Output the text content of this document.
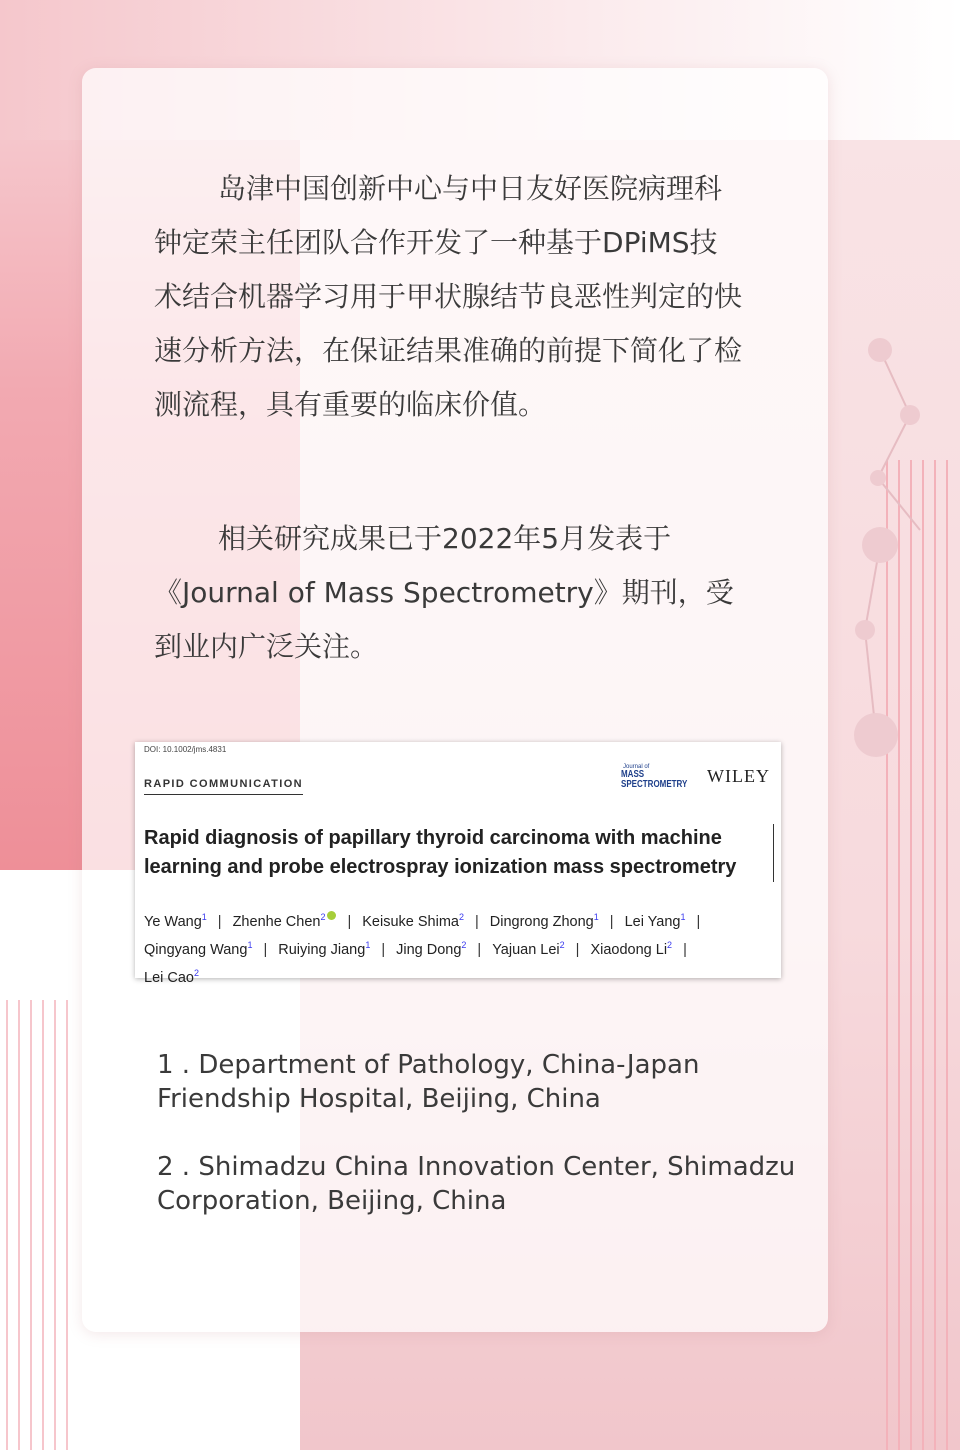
岛津中国创新中心与中日友好医院病理科钟定荣主任团队合作开发了一种基于DPiMS技术结合机器学习用于甲状腺结节良恶性判定的快速分析方法，在保证结果准确的前提下简化了检测流程，具有重要的临床价值。

相关研究成果已于2022年5月发表于《Journal of Mass Spectrometry》期刊，受到业内广泛关注。

DOI: 10.1002/jms.4831
RAPID COMMUNICATION
Journal of
MASS
SPECTROMETRY WILEY
Rapid diagnosis of papillary thyroid carcinoma with machine learning and probe electrospray ionization mass spectrometry
Ye Wang$^1$ | Zhenhe Chen$^2$ | Keisuke Shima$^2$ | Dingrong Zhong$^1$ | Lei Yang$^1$ |
Qingyang Wang$^1$ | Ruiying Jiang$^1$ | Jing Dong$^2$ | Yajuan Lei$^2$ | Xiaodong Li$^2$ |
Lei Cao$^2$

1 . Department of Pathology, China-Japan Friendship Hospital, Beijing, China

2 . Shimadzu China Innovation Center, Shimadzu Corporation, Beijing, China
